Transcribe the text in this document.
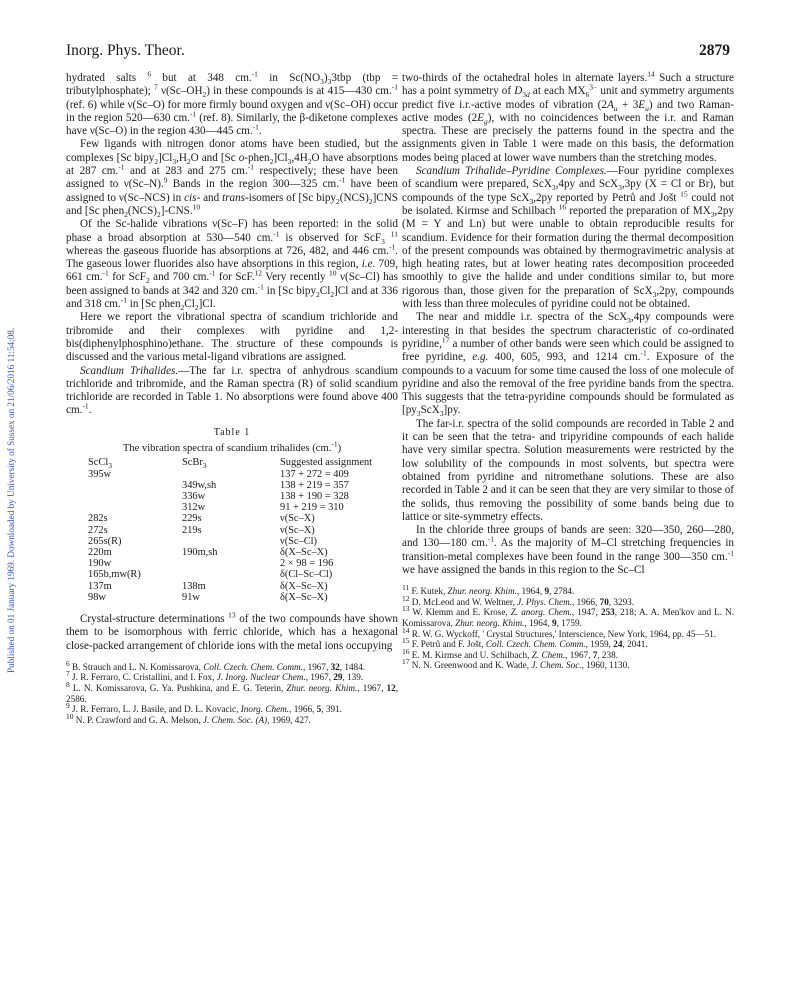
Inorg. Phys. Theor.	2879
Published on 01 January 1969. Downloaded by University of Sussex on 21/06/2016 11:54:08.

hydrated salts $^6$ but at 348 cm.$^{-1}$ in $Sc(NO_3)_33tbp$ (tbp = tributylphosphate); $^7$ $\nu(Sc-OH_2)$ in these compounds is at 415—430 cm.$^{-1}$ (ref. 6) while ν(Sc–O) for more firmly bound oxygen and ν(Sc–OH) occur in the region 520—630 cm.$^{-1}$ (ref. 8). Similarly, the β-diketone complexes have ν(Sc–O) in the region 430—445 cm.$^{-1}$.

Few ligands with nitrogen donor atoms have been studied, but the complexes [Sc $bipy_2]Cl_3,H_2O$ and [Sc $o-phen_2]Cl_3,4H_2O$ have absorptions at 287 cm.$^{-1}$ and at 283 and 275 cm.$^{-1}$ respectively; these have been assigned to ν(Sc–N).$^9$ Bands in the region 300—325 cm.$^{-1}$ have been assigned to ν(Sc–NCS) in cis- and trans-isomers of [Sc $bipy_2(NCS)_2]CNS$ and [Sc $phen_2(NCS)_2]-CNS.^{10}$

Of the Sc-halide vibrations ν(Sc–F) has been reported: in the solid phase a broad absorption at 530—540 cm.$^{-1}$ is observed for ScF$_3$ $^{11}$ whereas the gaseous fluoride has absorptions at 726, 482, and 446 cm.$^{-1}$. The gaseous lower fluorides also have absorptions in this region, i.e. 709, 661 cm.$^{-1}$ for ScF$_2$ and 700 cm.$^{-1}$ for ScF.$^{12}$ Very recently $^{10}$ ν(Sc–Cl) has been assigned to bands at 342 and 320 cm.$^{-1}$ in [Sc $bipy_2Cl_2]Cl$ and at 336 and 318 cm.$^{-1}$ in [Sc $phen_2Cl_2]Cl$.

Here we report the vibrational spectra of scandium trichloride and tribromide and their complexes with pyridine and 1,2-bis(diphenylphosphino)ethane. The structure of these compounds is discussed and the various metal-ligand vibrations are assigned.

Scandium Trihalides.—The far i.r. spectra of anhydrous scandium trichloride and tribromide, and the Raman spectra (R) of solid scandium trichloride are recorded in Table 1. No absorptions were found above 400 cm.$^{-1}$.

Table 1
The vibration spectra of scandium trihalides (cm.$^{-1}$)
ScCl$_3$	ScBr$_3$	Suggested assignment
395w		137 + 272 = 409
	349w,sh	138 + 219 = 357
	336w	138 + 190 = 328
	312w	91 + 219 = 310
282s	229s	ν(Sc–X)
272s	219s	ν(Sc–X)
265s(R)		ν(Sc–Cl)
220m	190m,sh	δ(X–Sc–X)
190w		2 × 98 = 196
165b,mw(R)		δ(Cl–Sc–Cl)
137m	138m	δ(X–Sc–X)
98w	91w	δ(X–Sc–X)

Crystal-structure determinations $^{13}$ of the two compounds have shown them to be isomorphous with ferric chloride, which has a hexagonal close-packed arrangement of chloride ions with the metal ions occupying

$^6$ B. Strauch and L. N. Komissarova, Coll. Czech. Chem. Comm., 1967, 32, 1484.

$^7$ J. R. Ferraro, C. Cristallini, and I. Fox, J. Inorg. Nuclear Chem., 1967, 29, 139.

$^8$ L. N. Komissarova, G. Ya. Pushkina, and E. G. Teterin, Zhur. neorg. Khim., 1967, 12, 2586.

$^9$ J. R. Ferraro, L. J. Basile, and D. L. Kovacic, Inorg. Chem., 1966, 5, 391.

$^{10}$ N. P. Crawford and G. A. Melson, J. Chem. Soc. (A), 1969, 427.

two-thirds of the octahedral holes in alternate layers.$^{14}$ Such a structure has a point symmetry of $D_{3d}$ at each $MX_6^{3-}$ unit and symmetry arguments predict five i.r.-active modes of vibration $(2A_u + 3E_u)$ and two Raman-active modes $(2E_g)$, with no coincidences between the i.r. and Raman spectra. These are precisely the patterns found in the spectra and the assignments given in Table 1 were made on this basis, the deformation modes being placed at lower wave numbers than the stretching modes.

Scandium Trihalide–Pyridine Complexes.—Four pyridine complexes of scandium were prepared, ScX$_3$,4py and ScX$_3$,3py (X = Cl or Br), but compounds of the type ScX$_3$,2py reported by Petrů and Jošt $^{15}$ could not be isolated. Kirmse and Schilbach $^{16}$ reported the preparation of $MX_3,2py$ (M = Y and Ln) but were unable to obtain reproducible results for scandium. Evidence for their formation during the thermal decomposition of the present compounds was obtained by thermogravimetric analysis at high heating rates, but at lower heating rates decomposition proceeded smoothly to give the halide and under conditions similar to, but more rigorous than, those given for the preparation of ScX$_3$,2py, compounds with less than three molecules of pyridine could not be obtained.

The near and middle i.r. spectra of the ScX$_3$,4py compounds were interesting in that besides the spectrum characteristic of co-ordinated pyridine,$^{17}$ a number of other bands were seen which could be assigned to free pyridine, e.g. 400, 605, 993, and 1214 cm.$^{-1}$. Exposure of the compounds to a vacuum for some time caused the loss of one molecule of pyridine and also the removal of the free pyridine bands from the spectra. This suggests that the tetra-pyridine compounds should be formulated as $[py_3ScX_3]py$.

The far-i.r. spectra of the solid compounds are recorded in Table 2 and it can be seen that the tetra- and tripyridine compounds of each halide have very similar spectra. Solution measurements were restricted by the low solubility of the compounds in most solvents, but spectra were obtained from pyridine and nitromethane solutions. These are also recorded in Table 2 and it can be seen that they are very similar to those of the solids, thus removing the possibility of some bands being due to lattice or site-symmetry effects.

In the chloride three groups of bands are seen: 320—350, 260—280, and 130—180 cm.$^{-1}$. As the majority of M–Cl stretching frequencies in transition-metal complexes have been found in the range 300—350 cm.$^{-1}$ we have assigned the bands in this region to the Sc–Cl

$^{11}$ F. Kutek, Zhur. neorg. Khim., 1964, 9, 2784.

$^{12}$ D. McLeod and W. Weltner, J. Phys. Chem., 1966, 70, 3293.

$^{13}$ W. Klemm and E. Krose, Z. anorg. Chem., 1947, 253, 218; A. A. Men'kov and L. N. Komissarova, Zhur. neorg. Khim., 1964, 9, 1759.

$^{14}$ R. W. G. Wyckoff, ' Crystal Structures,' Interscience, New York, 1964, pp. 45—51.

$^{15}$ F. Petrů and F. Jošt, Coll. Czech. Chem. Comm., 1959, 24, 2041.

$^{16}$ E. M. Kirmse and U. Schilbach, Z. Chem., 1967, 7, 238.

$^{17}$ N. N. Greenwood and K. Wade, J. Chem. Soc., 1960, 1130.
